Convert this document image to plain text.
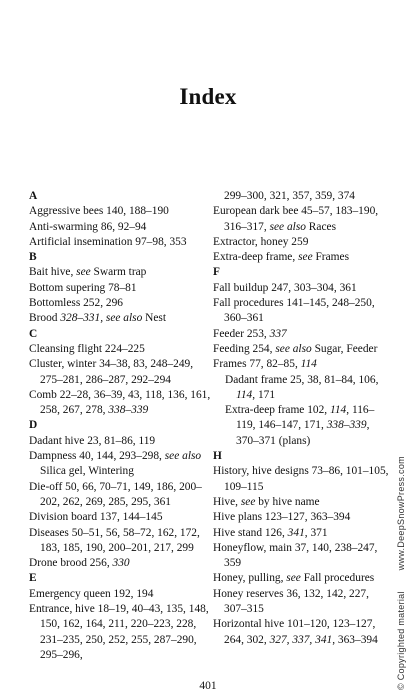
Index
A
Aggressive bees 140, 188–190
Anti-swarming 86, 92–94
Artificial insemination 97–98, 353
B
Bait hive, see Swarm trap
Bottom supering 78–81
Bottomless 252, 296
Brood 328–331, see also Nest
C
Cleansing flight 224–225
Cluster, winter 34–38, 83, 248–249, 275–281, 286–287, 292–294
Comb 22–28, 36–39, 43, 118, 136, 161, 258, 267, 278, 338–339
D
Dadant hive 23, 81–86, 119
Dampness 40, 144, 293–298, see also Silica gel, Wintering
Die-off 50, 66, 70–71, 149, 186, 200–202, 262, 269, 285, 295, 361
Division board 137, 144–145
Diseases 50–51, 56, 58–72, 162, 172, 183, 185, 190, 200–201, 217, 299
Drone brood 256, 330
E
Emergency queen 192, 194
Entrance, hive 18–19, 40–43, 135, 148, 150, 162, 164, 211, 220–223, 228, 231–235, 250, 252, 255, 287–290, 295–296,
299–300, 321, 357, 359, 374
European dark bee 45–57, 183–190, 316–317, see also Races
Extractor, honey 259
Extra-deep frame, see Frames
F
Fall buildup 247, 303–304, 361
Fall procedures 141–145, 248–250, 360–361
Feeder 253, 337
Feeding 254, see also Sugar, Feeder
Frames 77, 82–85, 114
Dadant frame 25, 38, 81–84, 106, 114, 171
Extra-deep frame 102, 114, 116–119, 146–147, 171, 338–339, 370–371 (plans)
H
History, hive designs 73–86, 101–105, 109–115
Hive, see by hive name
Hive plans 123–127, 363–394
Hive stand 126, 341, 371
Honeyflow, main 37, 140, 238–247, 359
Honey, pulling, see Fall procedures
Honey reserves 36, 132, 142, 227, 307–315
Horizontal hive 101–120, 123–127, 264, 302, 327, 337, 341, 363–394
401	© Copyrighted material www.DeepSnowPress.com
